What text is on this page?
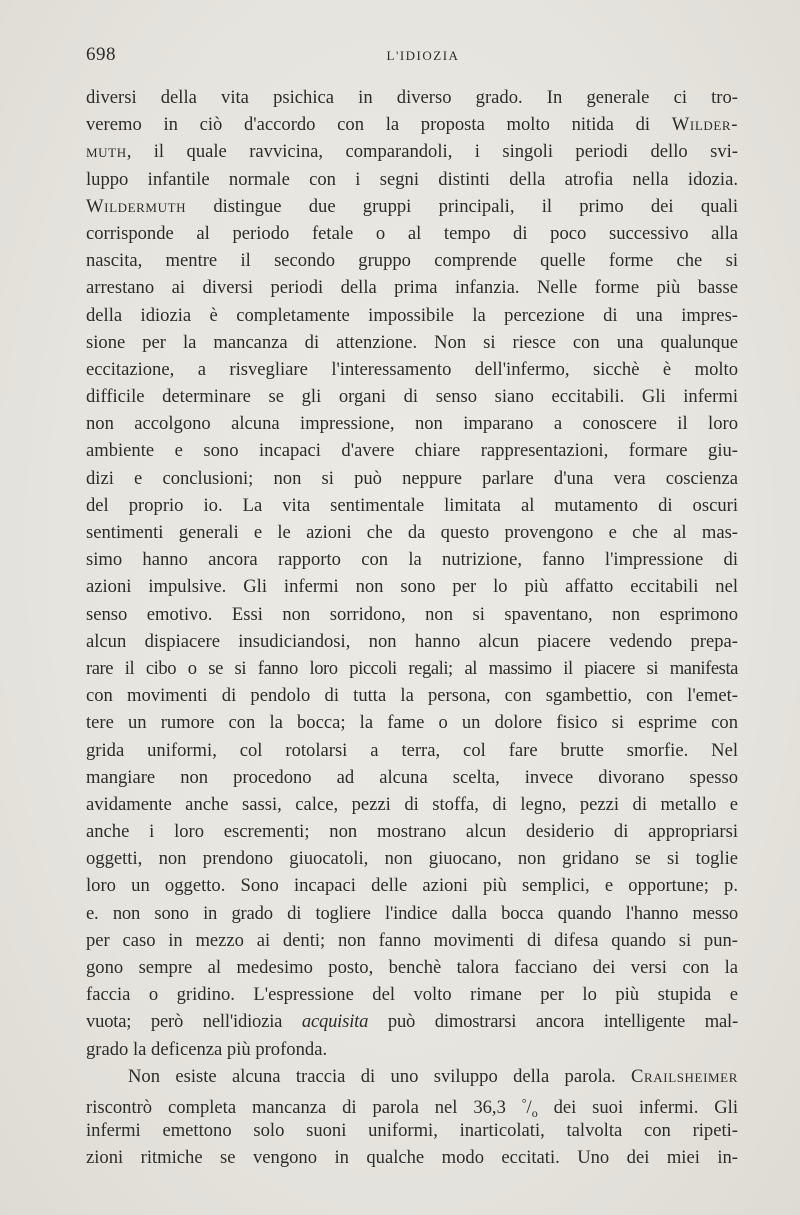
698	L'IDIOZIA
diversi della vita psichica in diverso grado. In generale ci tro-
veremo in ciò d'accordo con la proposta molto nitida di Wilder-
muth, il quale ravvicina, comparandoli, i singoli periodi dello svi-
luppo infantile normale con i segni distinti della atrofia nella idozia.
Wildermuth distingue due gruppi principali, il primo dei quali
corrisponde al periodo fetale o al tempo di poco successivo alla
nascita, mentre il secondo gruppo comprende quelle forme che si
arrestano ai diversi periodi della prima infanzia. Nelle forme più basse
della idiozia è completamente impossibile la percezione di una impres-
sione per la mancanza di attenzione. Non si riesce con una qualunque
eccitazione, a risvegliare l'interessamento dell'infermo, sicchè è molto
difficile determinare se gli organi di senso siano eccitabili. Gli infermi
non accolgono alcuna impressione, non imparano a conoscere il loro
ambiente e sono incapaci d'avere chiare rappresentazioni, formare giu-
dizi e conclusioni; non si può neppure parlare d'una vera coscienza
del proprio io. La vita sentimentale limitata al mutamento di oscuri
sentimenti generali e le azioni che da questo provengono e che al mas-
simo hanno ancora rapporto con la nutrizione, fanno l'impressione di
azioni impulsive. Gli infermi non sono per lo più affatto eccitabili nel
senso emotivo. Essi non sorridono, non si spaventano, non esprimono
alcun dispiacere insudiciandosi, non hanno alcun piacere vedendo prepa-
rare il cibo o se si fanno loro piccoli regali; al massimo il piacere si manifesta
con movimenti di pendolo di tutta la persona, con sgambettio, con l'emet-
tere un rumore con la bocca; la fame o un dolore fisico si esprime con
grida uniformi, col rotolarsi a terra, col fare brutte smorfie. Nel
mangiare non procedono ad alcuna scelta, invece divorano spesso
avidamente anche sassi, calce, pezzi di stoffa, di legno, pezzi di metallo e
anche i loro escrementi; non mostrano alcun desiderio di appropriarsi
oggetti, non prendono giuocatoli, non giuocano, non gridano se si toglie
loro un oggetto. Sono incapaci delle azioni più semplici, e opportune; p.
e. non sono in grado di togliere l'indice dalla bocca quando l'hanno messo
per caso in mezzo ai denti; non fanno movimenti di difesa quando si pun-
gono sempre al medesimo posto, benchè talora facciano dei versi con la
faccia o gridino. L'espressione del volto rimane per lo più stupida e
vuota; però nell'idiozia acquisita può dimostrarsi ancora intelligente mal-
grado la deficenza più profonda.
Non esiste alcuna traccia di uno sviluppo della parola. Crailsheimer
riscontrò completa mancanza di parola nel 36,3 $^\circ/_o$ dei suoi infermi. Gli
infermi emettono solo suoni uniformi, inarticolati, talvolta con ripeti-
zioni ritmiche se vengono in qualche modo eccitati. Uno dei miei in-
